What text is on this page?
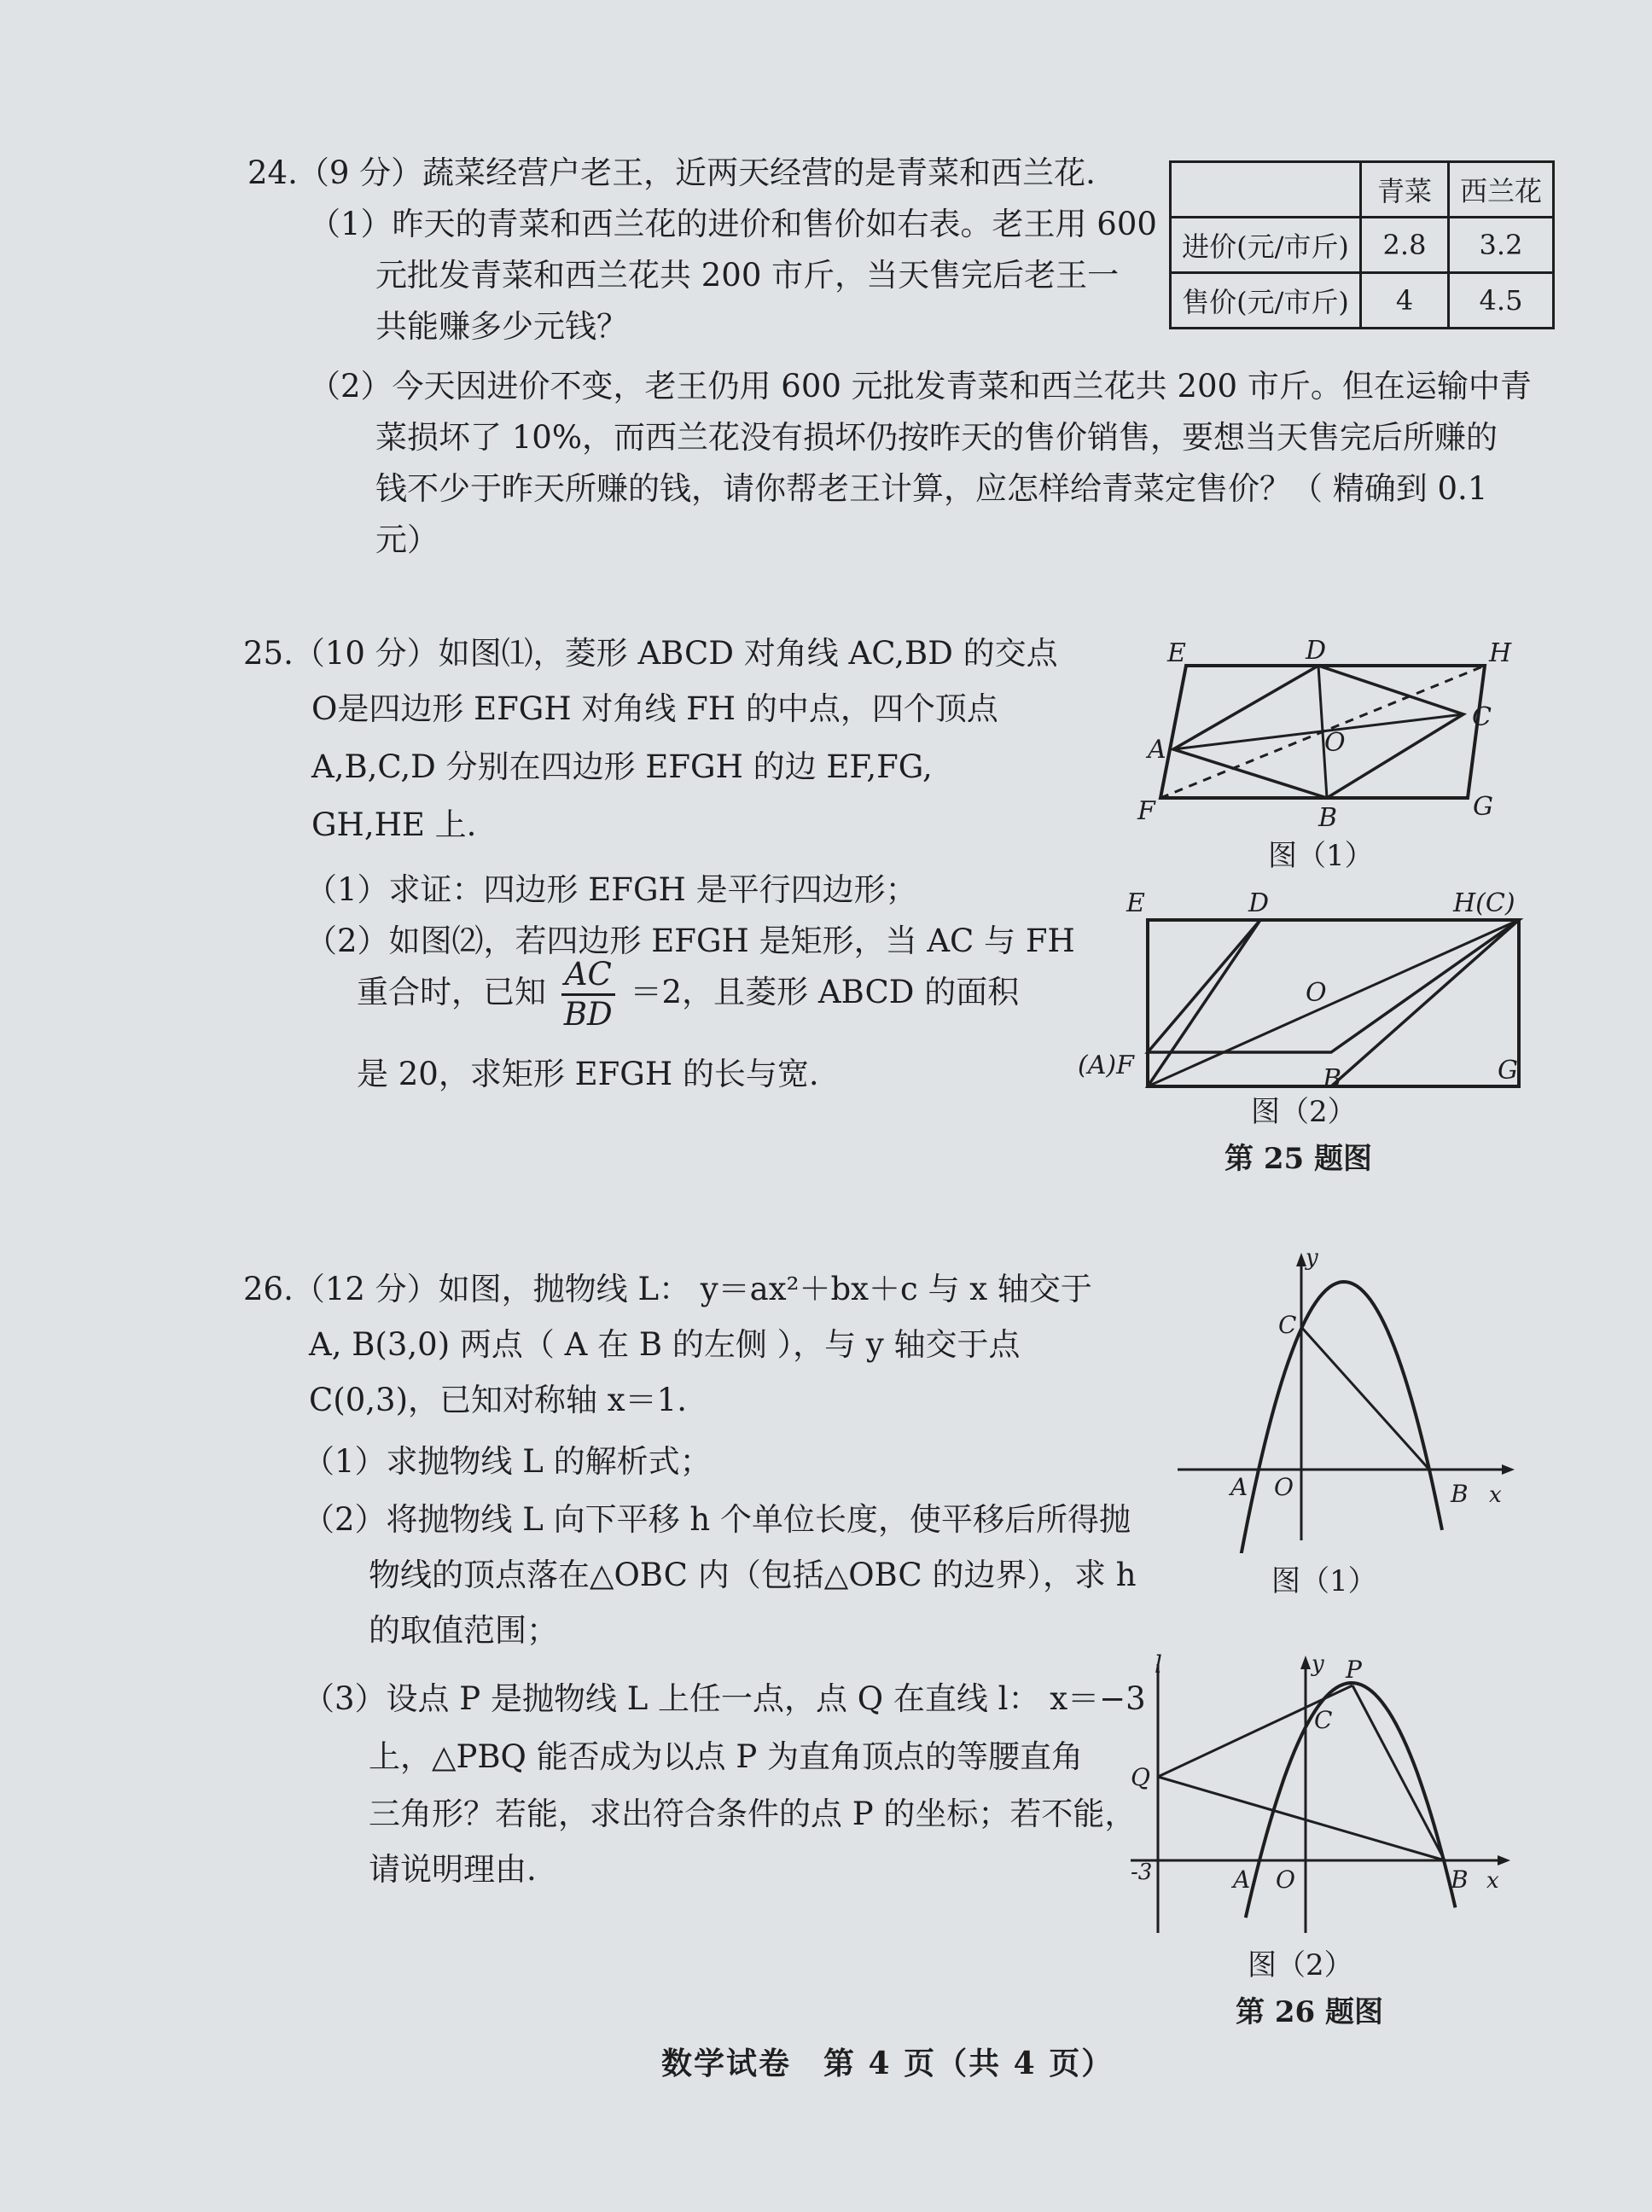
24.（9 分）蔬菜经营户老王，近两天经营的是青菜和西兰花.
（1）昨天的青菜和西兰花的进价和售价如右表。老王用 600
元批发青菜和西兰花共 200 市斤，当天售完后老王一
共能赚多少元钱？
（2）今天因进价不变，老王仍用 600 元批发青菜和西兰花共 200 市斤。但在运输中青
菜损坏了 10%，而西兰花没有损坏仍按昨天的售价销售，要想当天售完后所赚的
钱不少于昨天所赚的钱，请你帮老王计算，应怎样给青菜定售价？（ 精确到 0.1
元）
	青菜	西兰花
进价(元/市斤)	2.8	3.2
售价(元/市斤)	4	4.5
25.（10 分）如图⑴，菱形 ABCD 对角线 AC,BD 的交点
O是四边形 EFGH 对角线 FH 的中点，四个顶点
A,B,C,D 分别在四边形 EFGH 的边 EF,FG,
GH,HE 上.
（1）求证：四边形 EFGH 是平行四边形；
（2）如图⑵，若四边形 EFGH 是矩形，当 AC 与 FH
重合时，已知 $\frac{AC}{BD} =2$，且菱形 ABCD 的面积
是 20，求矩形 EFGH 的长与宽.
E	D	H
A	O
C
F	B	G
图（1）
E	D	H(C)
O
(A)F	B	G
图（2）
第 25 题图
26.（12 分）如图，抛物线 L： y＝ax²＋bx＋c 与 x 轴交于
A, B(3,0) 两点（ A 在 B 的左侧 ），与 y 轴交于点
C(0,3)，已知对称轴 x＝1.
（1）求抛物线 L 的解析式；
（2）将抛物线 L 向下平移 h 个单位长度，使平移后所得抛
物线的顶点落在△OBC 内（包括△OBC 的边界），求 h
的取值范围；
（3）设点 P 是抛物线 L 上任一点，点 Q 在直线 l： x＝−3
上，△PBQ 能否成为以点 P 为直角顶点的等腰直角
三角形？若能，求出符合条件的点 P 的坐标；若不能，
请说明理由.
y
C
A O	B x
图（1）
l	y P
C
Q
-3	A O	B x
图（2）
第 26 题图
数学试卷　第 4 页（共 4 页）
